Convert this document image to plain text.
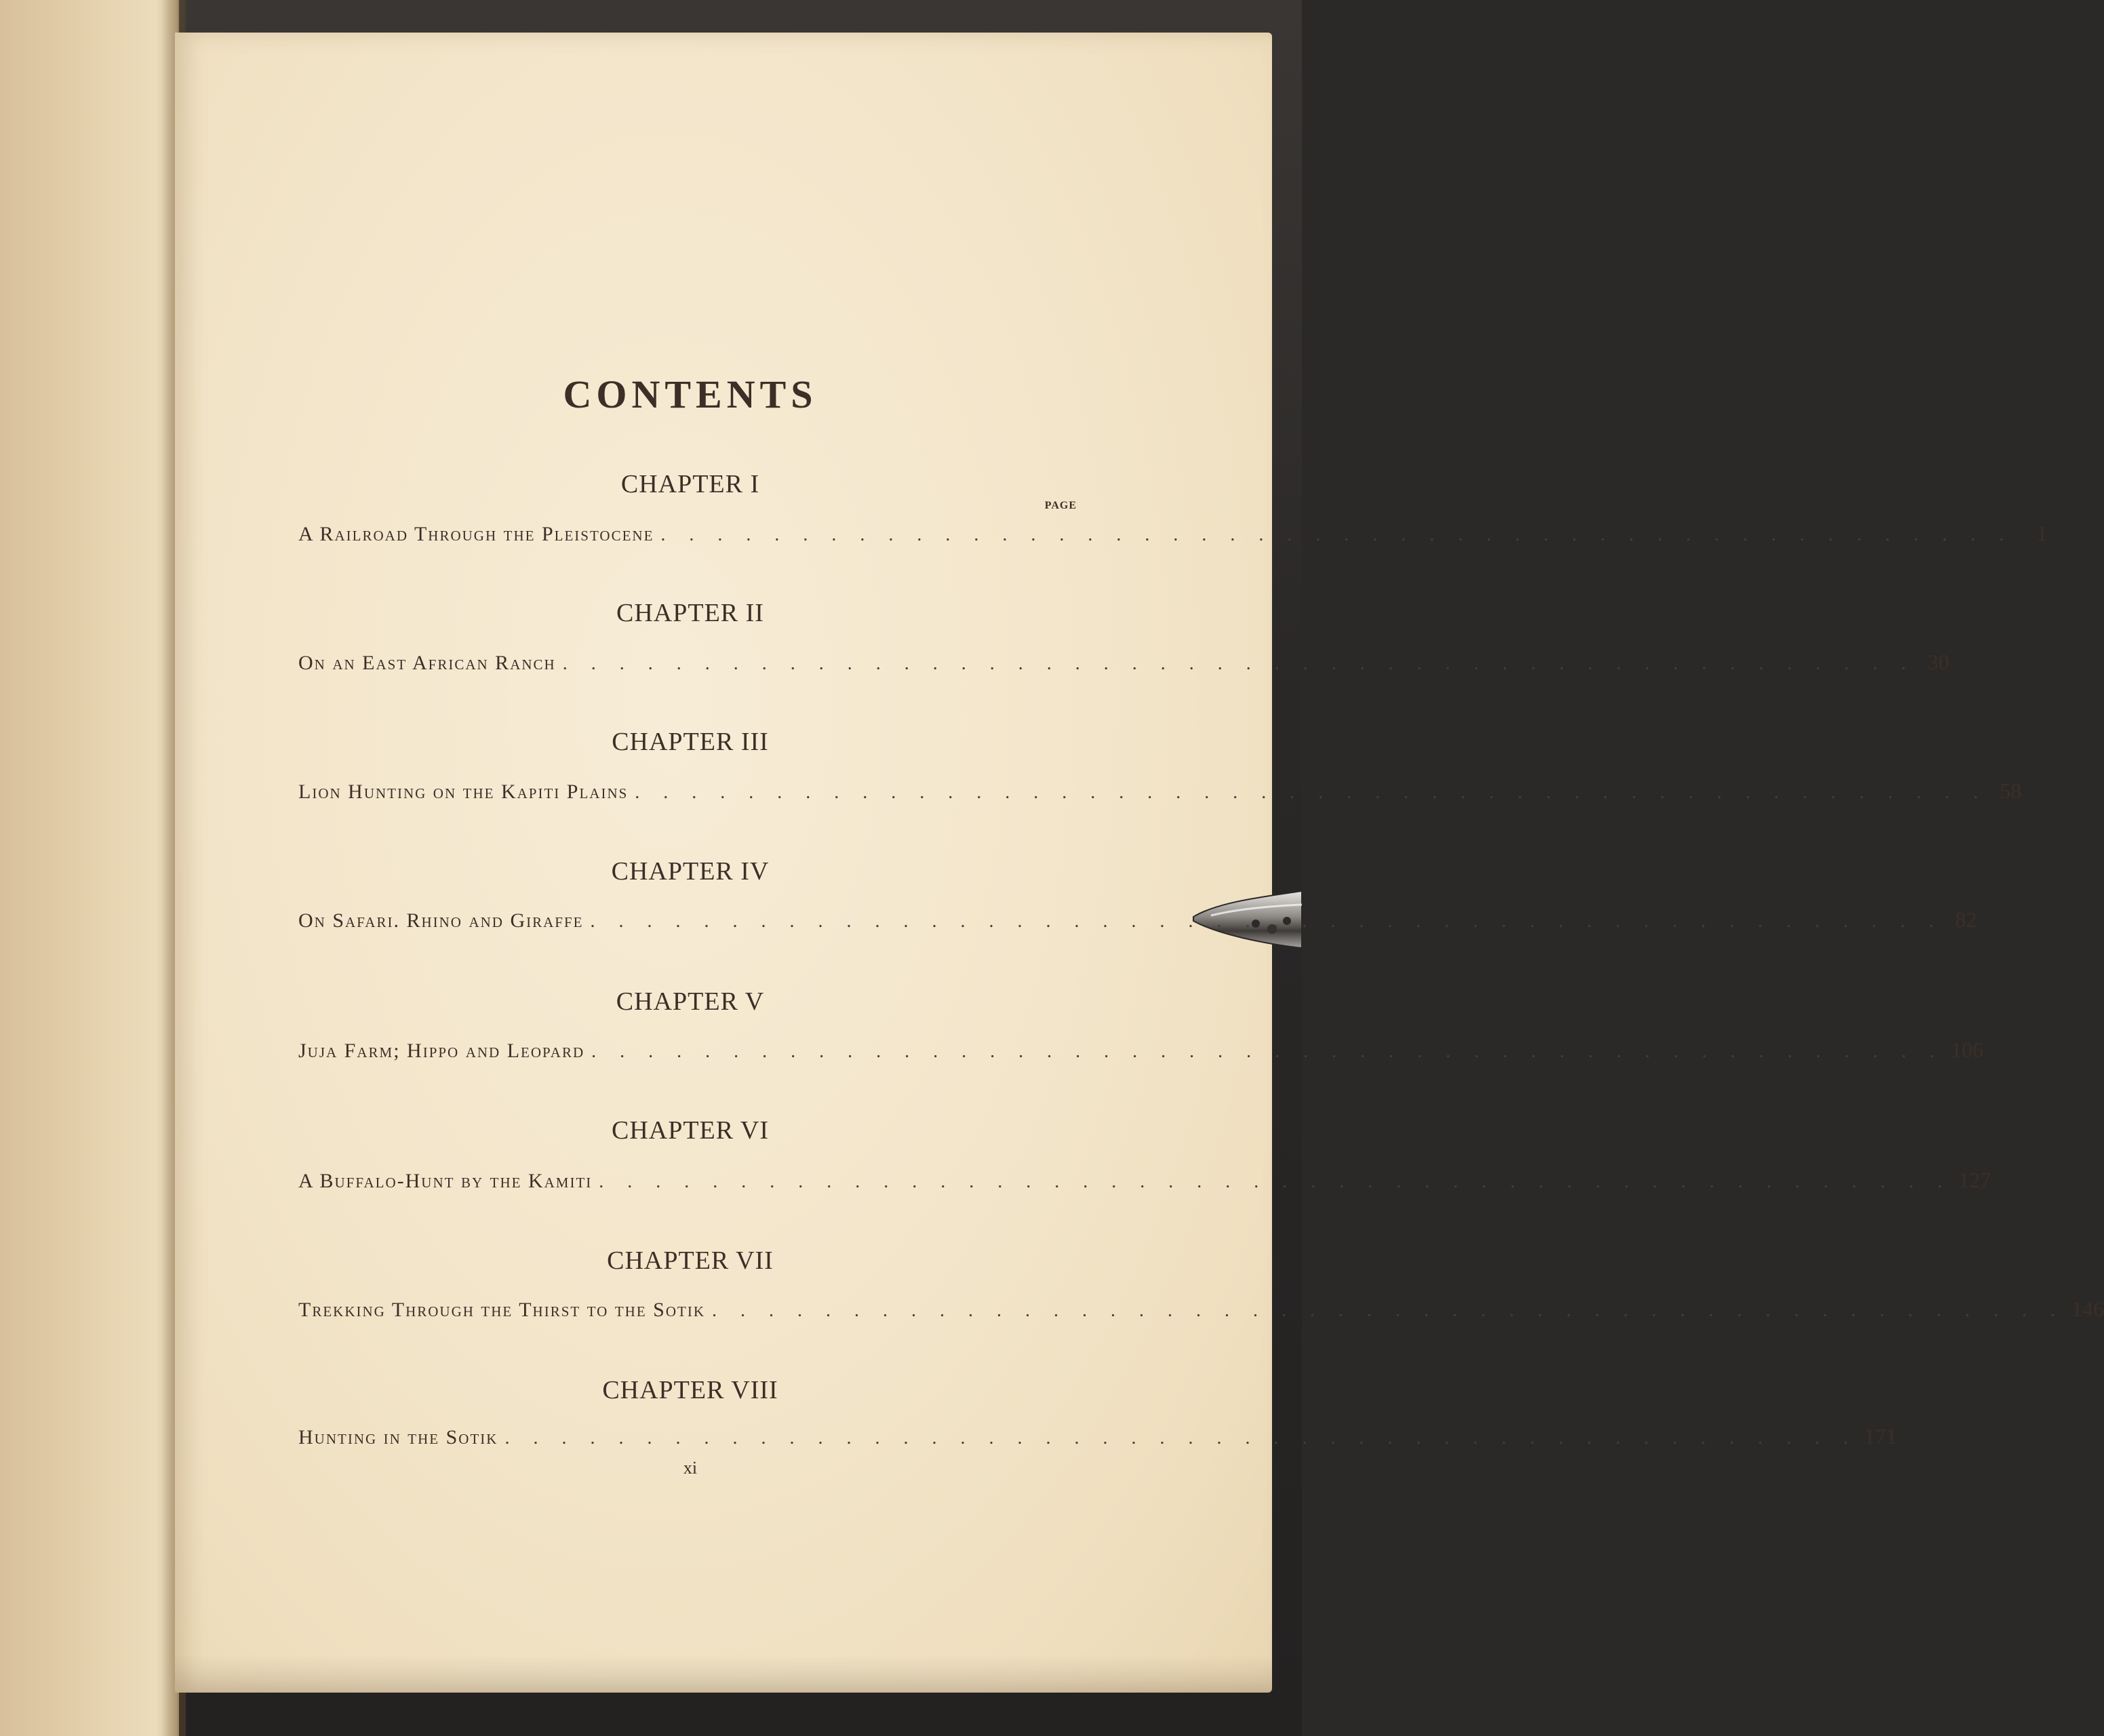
CONTENTS
PAGE
CHAPTER I
A Railroad Through the Pleistocene . . . . . . . . . . . . . . . . . . . . . . . . . . . . . . . . . . . . . . . . . . . . . . . .	1
CHAPTER II
On an East African Ranch . . . . . . . . . . . . . . . . . . . . . . . . . . . . . . . . . . . . . . . . . . . . . . . . 30
CHAPTER III
Lion Hunting on the Kapiti Plains . . . . . . . . . . . . . . . . . . . . . . . . . . . . . . . . . . . . . . . . . . . . . . . . 58
CHAPTER IV
On Safari. Rhino and Giraffe . . . . . . . . . . . . . . . . . . . . . . . . . . . . . . . . . . . . . . . . . . . . . . . . 82
CHAPTER V
Juja Farm; Hippo and Leopard . . . . . . . . . . . . . . . . . . . . . . . . . . . . . . . . . . . . . . . . . . . . . . . . 106
CHAPTER VI
A Buffalo-Hunt by the Kamiti . . . . . . . . . . . . . . . . . . . . . . . . . . . . . . . . . . . . . . . . . . . . . . . . 127
CHAPTER VII
Trekking Through the Thirst to the Sotik . . . . . . . . . . . . . . . . . . . . . . . . . . . . . . . . . . . . . . . . . . . . . . . . 146
CHAPTER VIII
Hunting in the Sotik . . . . . . . . . . . . . . . . . . . . . . . . . . . . . . . . . . . . . . . . . . . . . . . . 171
xi
